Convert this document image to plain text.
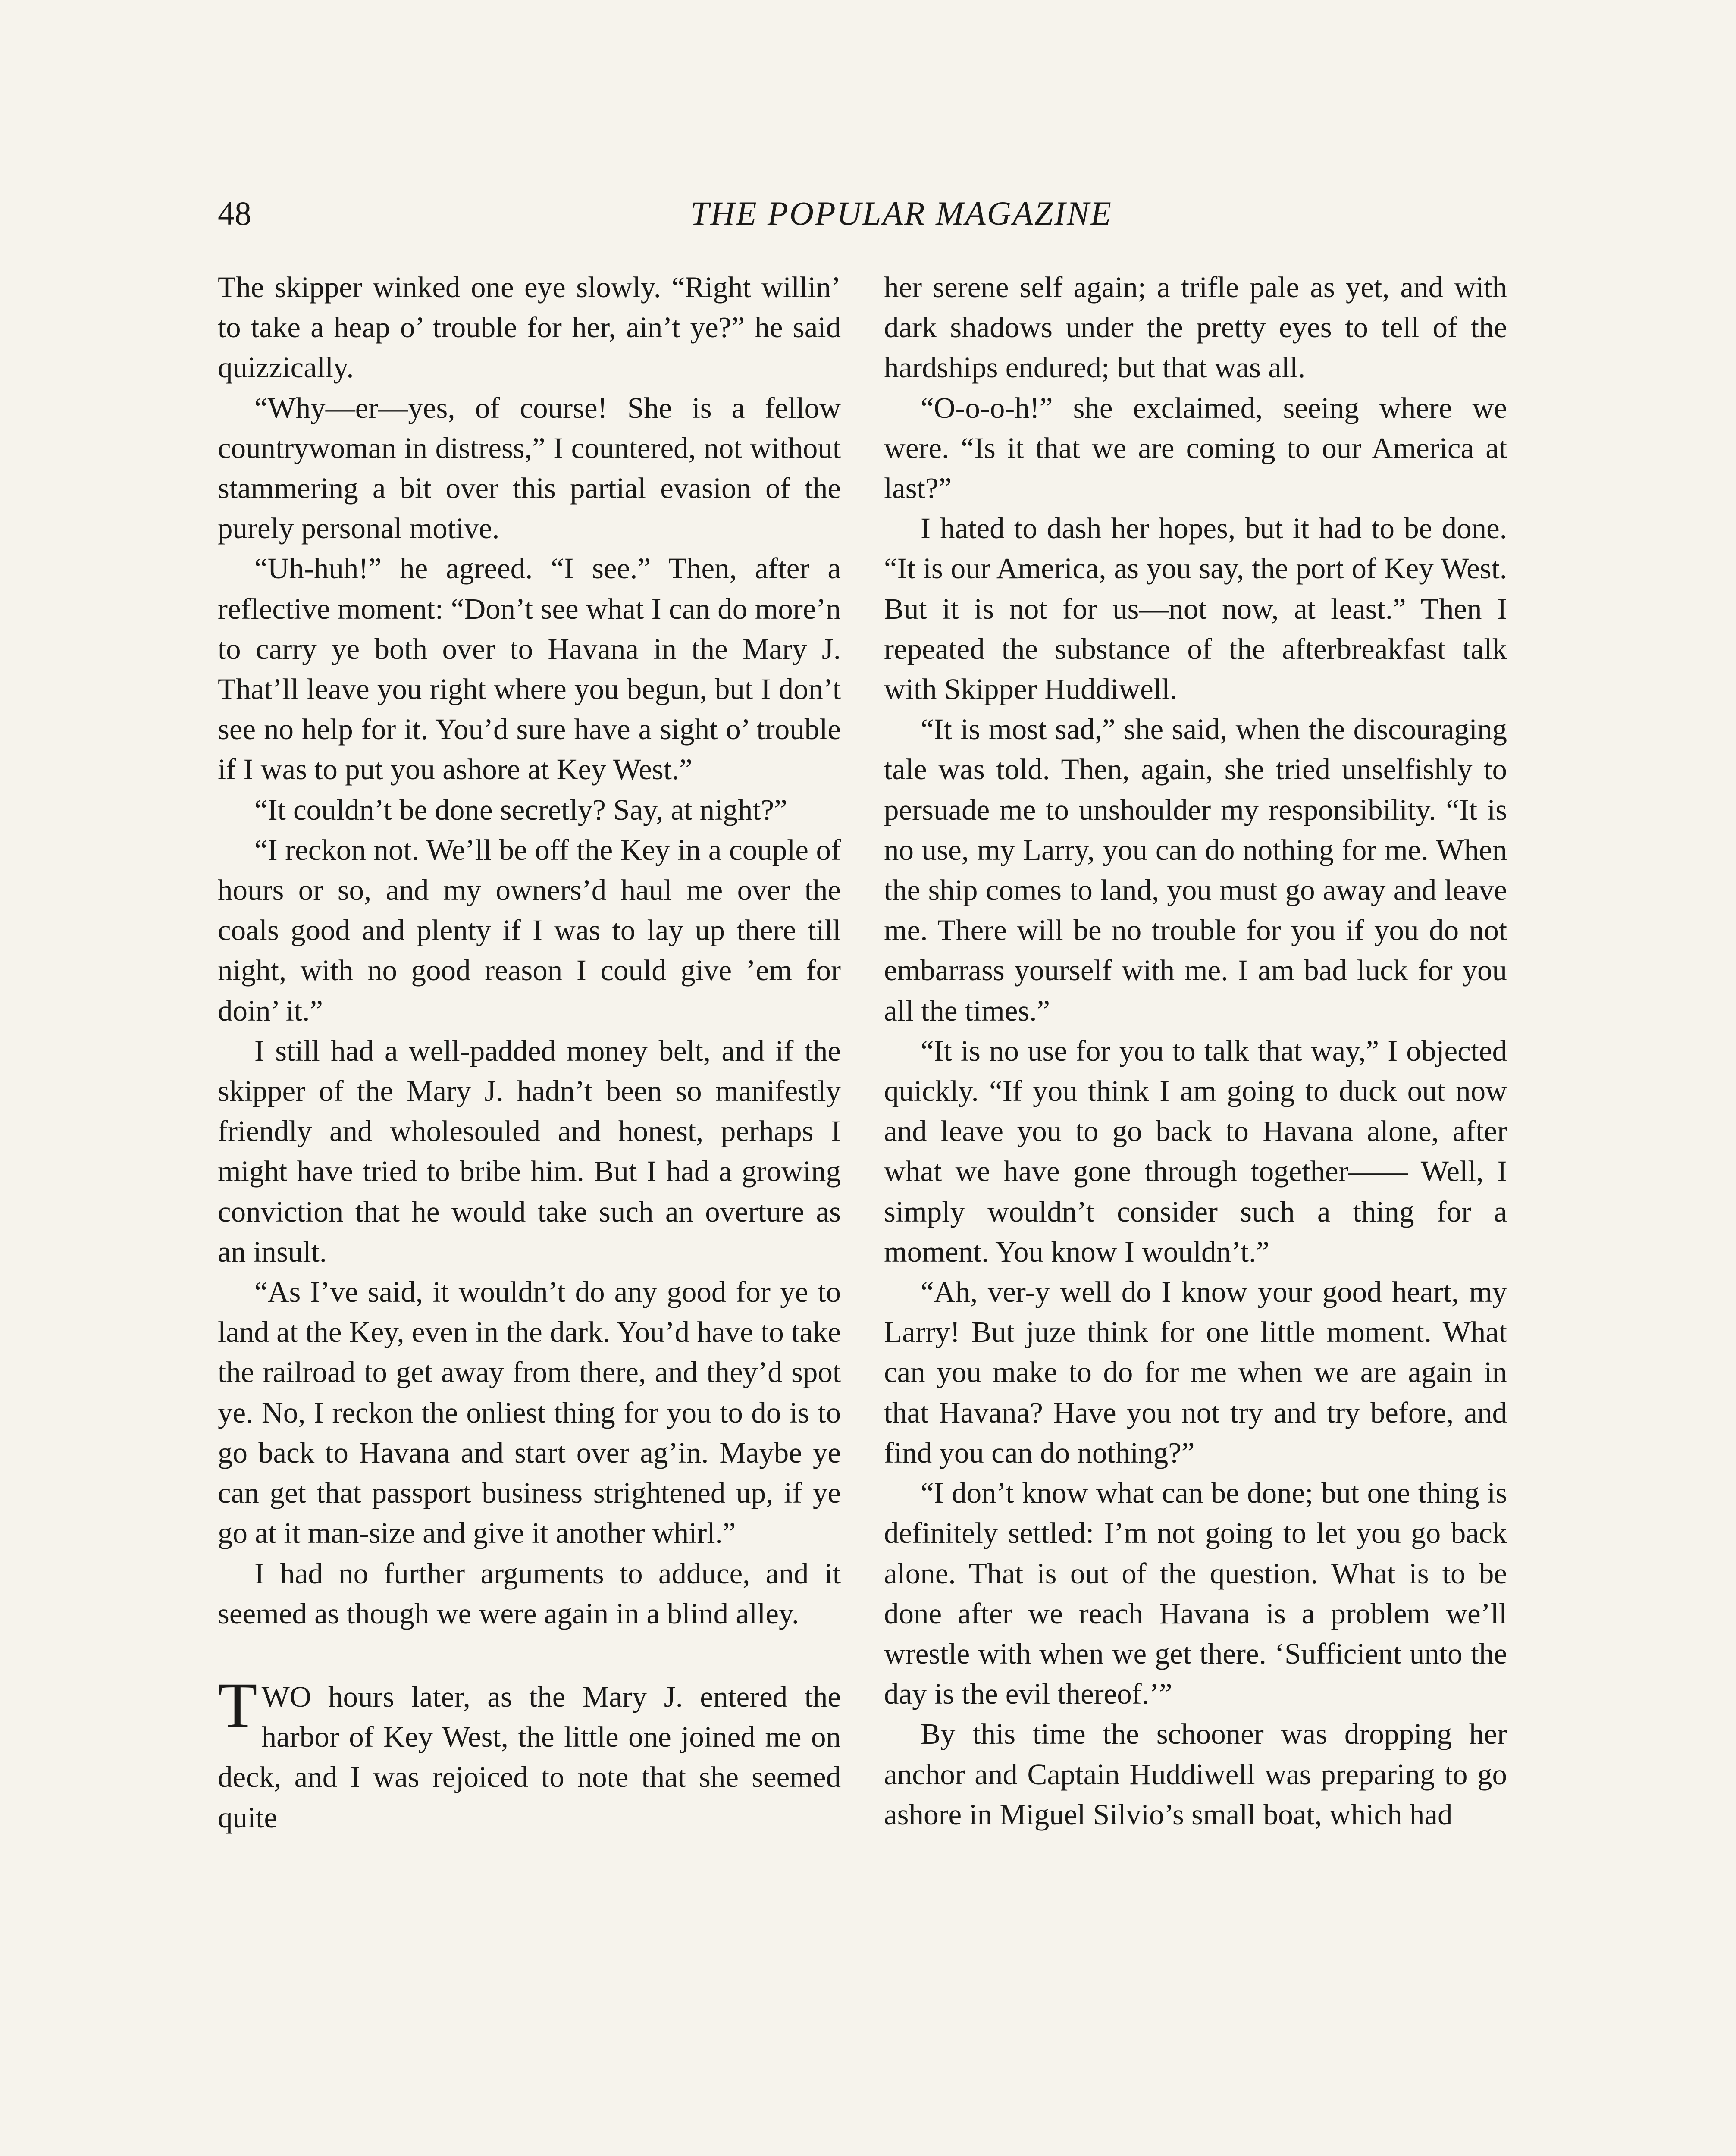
48	THE POPULAR MAGAZINE

The skipper winked one eye slowly. “Right willin’ to take a heap o’ trouble for her, ain’t ye?” he said quizzically.

“Why—er—yes, of course! She is a fellow countrywoman in distress,” I countered, not without stammering a bit over this partial evasion of the purely personal motive.

“Uh-huh!” he agreed. “I see.” Then, after a reflective moment: “Don’t see what I can do more’n to carry ye both over to Havana in the Mary J. That’ll leave you right where you begun, but I don’t see no help for it. You’d sure have a sight o’ trouble if I was to put you ashore at Key West.”

“It couldn’t be done secretly? Say, at night?”

“I reckon not. We’ll be off the Key in a couple of hours or so, and my owners’d haul me over the coals good and plenty if I was to lay up there till night, with no good reason I could give ’em for doin’ it.”

I still had a well-padded money belt, and if the skipper of the Mary J. hadn’t been so manifestly friendly and wholesouled and honest, perhaps I might have tried to bribe him. But I had a growing conviction that he would take such an overture as an insult.

“As I’ve said, it wouldn’t do any good for ye to land at the Key, even in the dark. You’d have to take the railroad to get away from there, and they’d spot ye. No, I reckon the onliest thing for you to do is to go back to Havana and start over ag’in. Maybe ye can get that passport business strightened up, if ye go at it man-size and give it another whirl.”

I had no further arguments to adduce, and it seemed as though we were again in a blind alley.

TWO hours later, as the Mary J. entered the harbor of Key West, the little one joined me on deck, and I was rejoiced to note that she seemed quite

her serene self again; a trifle pale as yet, and with dark shadows under the pretty eyes to tell of the hardships endured; but that was all.

“O-o-o-h!” she exclaimed, seeing where we were. “Is it that we are coming to our America at last?”

I hated to dash her hopes, but it had to be done. “It is our America, as you say, the port of Key West. But it is not for us—not now, at least.” Then I repeated the substance of the afterbreakfast talk with Skipper Huddiwell.

“It is most sad,” she said, when the discouraging tale was told. Then, again, she tried unselfishly to persuade me to unshoulder my responsibility. “It is no use, my Larry, you can do nothing for me. When the ship comes to land, you must go away and leave me. There will be no trouble for you if you do not embarrass yourself with me. I am bad luck for you all the times.”

“It is no use for you to talk that way,” I objected quickly. “If you think I am going to duck out now and leave you to go back to Havana alone, after what we have gone through together—— Well, I simply wouldn’t consider such a thing for a moment. You know I wouldn’t.”

“Ah, ver-y well do I know your good heart, my Larry! But juze think for one little moment. What can you make to do for me when we are again in that Havana? Have you not try and try before, and find you can do nothing?”

“I don’t know what can be done; but one thing is definitely settled: I’m not going to let you go back alone. That is out of the question. What is to be done after we reach Havana is a problem we’ll wrestle with when we get there. ‘Sufficient unto the day is the evil thereof.’”

By this time the schooner was dropping her anchor and Captain Huddiwell was preparing to go ashore in Miguel Silvio’s small boat, which had
